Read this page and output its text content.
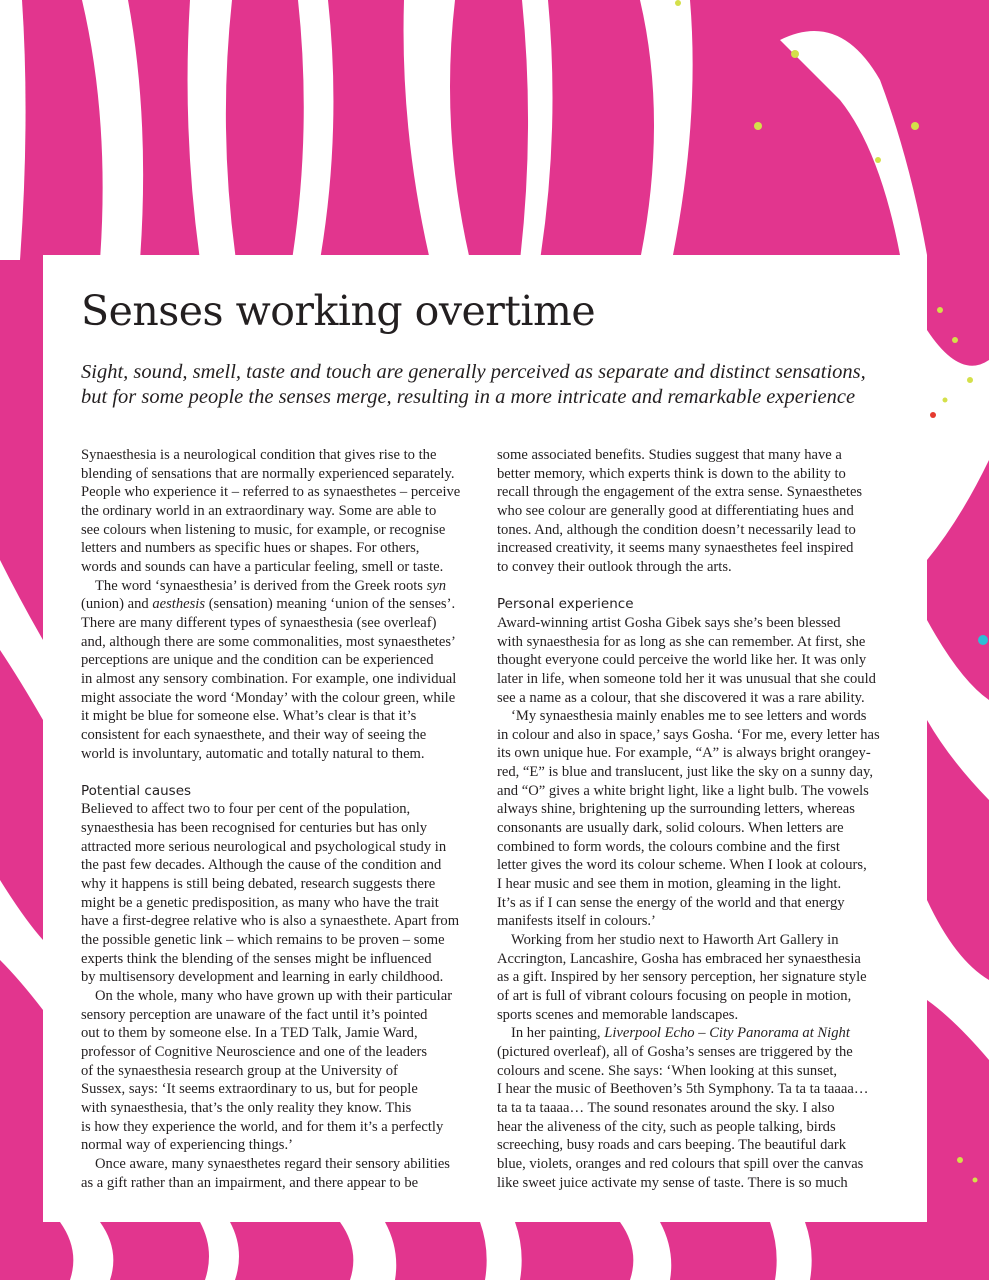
Senses working overtime

Sight, sound, smell, taste and touch are generally perceived as separate and distinct sensations,
but for some people the senses merge, resulting in a more intricate and remarkable experience

Synaesthesia is a neurological condition that gives rise to the
blending of sensations that are normally experienced separately.
People who experience it – referred to as synaesthetes – perceive
the ordinary world in an extraordinary way. Some are able to
see colours when listening to music, for example, or recognise
letters and numbers as specific hues or shapes. For others,
words and sounds can have a particular feeling, smell or taste.
The word ‘synaesthesia’ is derived from the Greek roots syn
(union) and aesthesis (sensation) meaning ‘union of the senses’.
There are many different types of synaesthesia (see overleaf)
and, although there are some commonalities, most synaesthetes’
perceptions are unique and the condition can be experienced
in almost any sensory combination. For example, one individual
might associate the word ‘Monday’ with the colour green, while
it might be blue for someone else. What’s clear is that it’s
consistent for each synaesthete, and their way of seeing the
world is involuntary, automatic and totally natural to them.
Potential causes
Believed to affect two to four per cent of the population,
synaesthesia has been recognised for centuries but has only
attracted more serious neurological and psychological study in
the past few decades. Although the cause of the condition and
why it happens is still being debated, research suggests there
might be a genetic predisposition, as many who have the trait
have a first-degree relative who is also a synaesthete. Apart from
the possible genetic link – which remains to be proven – some
experts think the blending of the senses might be influenced
by multisensory development and learning in early childhood.
On the whole, many who have grown up with their particular
sensory perception are unaware of the fact until it’s pointed
out to them by someone else. In a TED Talk, Jamie Ward,
professor of Cognitive Neuroscience and one of the leaders
of the synaesthesia research group at the University of
Sussex, says: ‘It seems extraordinary to us, but for people
with synaesthesia, that’s the only reality they know. This
is how they experience the world, and for them it’s a perfectly
normal way of experiencing things.’
Once aware, many synaesthetes regard their sensory abilities
as a gift rather than an impairment, and there appear to be
some associated benefits. Studies suggest that many have a
better memory, which experts think is down to the ability to
recall through the engagement of the extra sense. Synaesthetes
who see colour are generally good at differentiating hues and
tones. And, although the condition doesn’t necessarily lead to
increased creativity, it seems many synaesthetes feel inspired
to convey their outlook through the arts.
Personal experience
Award-winning artist Gosha Gibek says she’s been blessed
with synaesthesia for as long as she can remember. At first, she
thought everyone could perceive the world like her. It was only
later in life, when someone told her it was unusual that she could
see a name as a colour, that she discovered it was a rare ability.
‘My synaesthesia mainly enables me to see letters and words
in colour and also in space,’ says Gosha. ‘For me, every letter has
its own unique hue. For example, “A” is always bright orangey-
red, “E” is blue and translucent, just like the sky on a sunny day,
and “O” gives a white bright light, like a light bulb. The vowels
always shine, brightening up the surrounding letters, whereas
consonants are usually dark, solid colours. When letters are
combined to form words, the colours combine and the first
letter gives the word its colour scheme. When I look at colours,
I hear music and see them in motion, gleaming in the light.
It’s as if I can sense the energy of the world and that energy
manifests itself in colours.’
Working from her studio next to Haworth Art Gallery in
Accrington, Lancashire, Gosha has embraced her synaesthesia
as a gift. Inspired by her sensory perception, her signature style
of art is full of vibrant colours focusing on people in motion,
sports scenes and memorable landscapes.
In her painting, Liverpool Echo – City Panorama at Night
(pictured overleaf), all of Gosha’s senses are triggered by the
colours and scene. She says: ‘When looking at this sunset,
I hear the music of Beethoven’s 5th Symphony. Ta ta ta taaaa…
ta ta ta taaaa… The sound resonates around the sky. I also
hear the aliveness of the city, such as people talking, birds
screeching, busy roads and cars beeping. The beautiful dark
blue, violets, oranges and red colours that spill over the canvas
like sweet juice activate my sense of taste. There is so much
